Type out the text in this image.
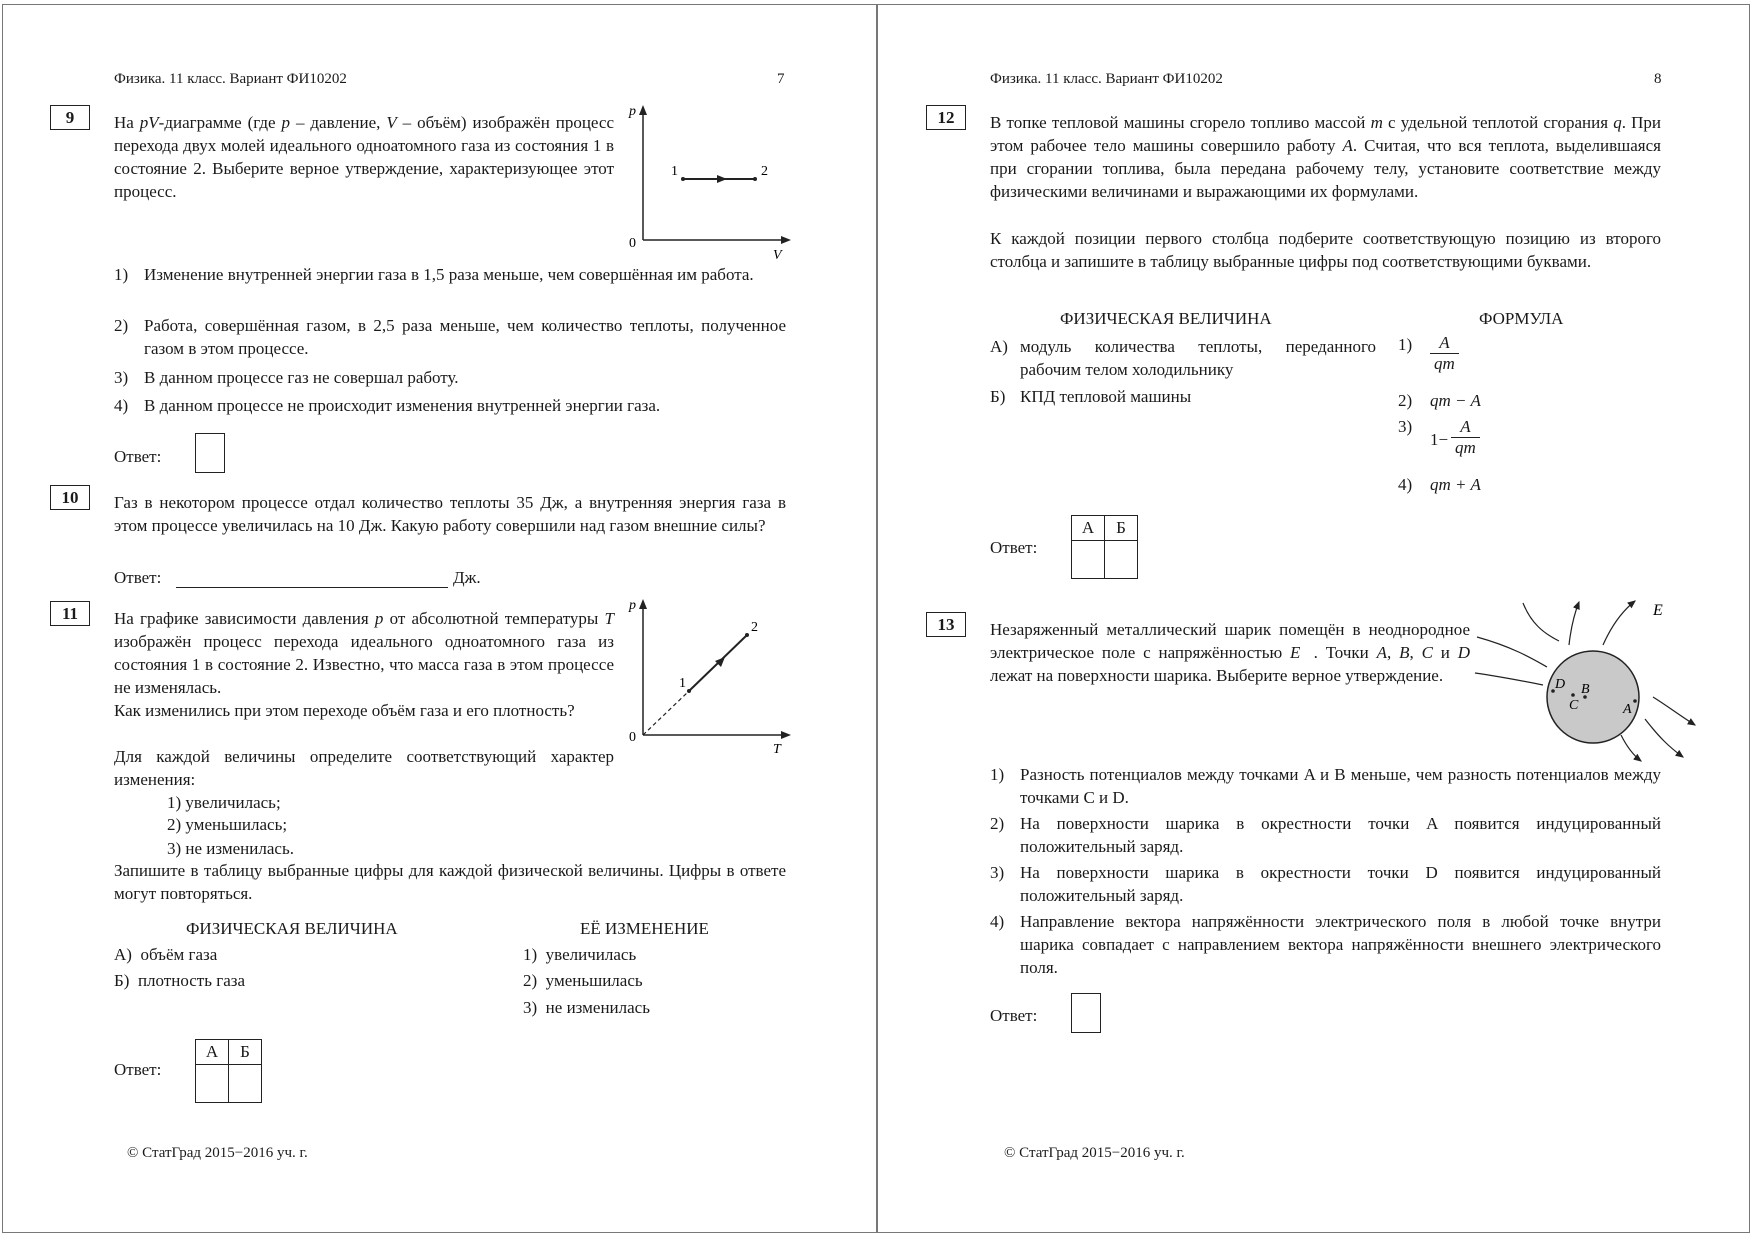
Физика. 11 класс. Вариант ФИ10202	7
9	На pV-диаграмме (где p – давление, V – объём) изображён процесс перехода двух молей идеального одноатомного газа из состояния 1 в состояние 2. Выберите верное утверждение, характеризующее этот процесс.
p
V
0
1	2
1) Изменение внутренней энергии газа в 1,5 раза меньше, чем совершённая им работа.
2) Работа, совершённая газом, в 2,5 раза меньше, чем количество теплоты, полученное газом в этом процессе.
3) В данном процессе газ не совершал работу.
4) В данном процессе не происходит изменения внутренней энергии газа.
Ответ:
10	Газ в некотором процессе отдал количество теплоты 35 Дж, а внутренняя энергия газа в этом процессе увеличилась на 10 Дж. Какую работу совершили над газом внешние силы?
Ответ:	Дж.
11	На графике зависимости давления p от абсолютной температуры T изображён процесс перехода идеального одноатомного газа из состояния 1 в состояние 2. Известно, что масса газа в этом процессе не изменялась.
Как изменились при этом переходе объём газа и его плотность?
Для каждой величины определите соответствующий характер изменения:
1) увеличилась;
2) уменьшилась;
3) не изменилась.
Запишите в таблицу выбранные цифры для каждой физической величины. Цифры в ответе могут повторяться.
p
T
0
1
2
ФИЗИЧЕСКАЯ ВЕЛИЧИНА	ЕЁ ИЗМЕНЕНИЕ
А) объём газа
Б) плотность газа
1) увеличилась
2) уменьшилась
3) не изменилась
Ответ:
А	Б

© СтатГрад 2015−2016 уч. г.
Физика. 11 класс. Вариант ФИ10202	8
12	В топке тепловой машины сгорело топливо массой m с удельной теплотой сгорания q. При этом рабочее тело машины совершило работу A. Считая, что вся теплота, выделившаяся при сгорании топлива, была передана рабочему телу, установите соответствие между физическими величинами и выражающими их формулами.
К каждой позиции первого столбца подберите соответствующую позицию из второго столбца и запишите в таблицу выбранные цифры под соответствующими буквами.
ФИЗИЧЕСКАЯ ВЕЛИЧИНА	ФОРМУЛА
А) модуль количества теплоты, переданного рабочим телом холодильнику
Б) КПД тепловой машины
$1) \frac{A}{qm}$
2) qm − A
3)
$1- \frac{A}{qm}$
4) qm + A
Ответ:
А	Б

13	Незаряженный металлический шарик помещён в неоднородное электрическое поле с напряжённостью E⃗. Точки A, B, C и D лежат на поверхности шарика. Выберите верное утверждение.	D B
C	A
E⃗
1) Разность потенциалов между точками A и B меньше, чем разность потенциалов между точками C и D.
2) На поверхности шарика в окрестности точки A появится индуцированный положительный заряд.
3) На поверхности шарика в окрестности точки D появится индуцированный положительный заряд.
4) Направление вектора напряжённости электрического поля в любой точке внутри шарика совпадает с направлением вектора напряжённости внешнего электрического поля.
Ответ:
© СтатГрад 2015−2016 уч. г.
